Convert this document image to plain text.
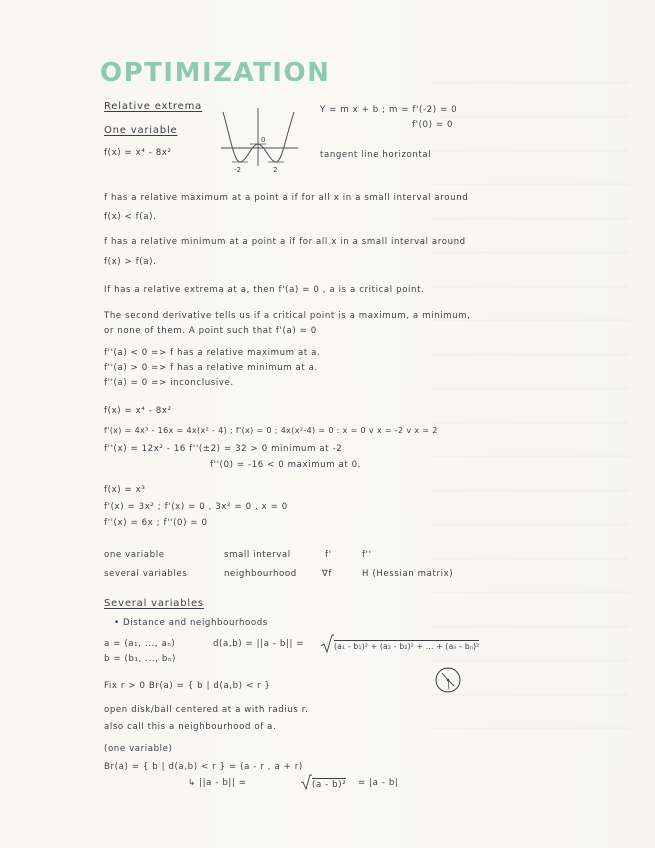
OPTIMIZATION
Relative extrema	Y = m x + b ; m = f'(-2) = 0
f'(0) = 0
One variable
f(x) = x⁴ - 8x²	tangent line horizontal
0
-2	2
f has a relative maximum at a point a if for all x in a small interval around
f(x) < f(a).
f has a relative minimum at a point a if for all x in a small interval around
f(x) > f(a).
If has a relative extrema at a, then f'(a) = 0 , a is a critical point.
The second derivative tells us if a critical point is a maximum, a minimum,
or none of them. A point such that f'(a) = 0
f''(a) < 0 => f has a relative maximum at a.
f''(a) > 0 => f has a relative minimum at a.
f''(a) = 0 => inconclusive.
f(x) = x⁴ - 8x²
f'(x) = 4x³ - 16x = 4x(x² - 4) ; f'(x) = 0 ; 4x(x²-4) = 0 : x = 0 v x = -2 v x = 2
f''(x) = 12x² - 16 f''(±2) = 32 > 0 minimum at -2
f''(0) = -16 < 0 maximum at 0.
f(x) = x³
f'(x) = 3x² ; f'(x) = 0 , 3x² = 0 , x = 0
f''(x) = 6x ; f''(0) = 0
one variable	small interval	f'	f''
several variables	neighbourhood	∇f	H (Hessian matrix)
Several variables
• Distance and neighbourhoods
a = (a₁, ..., aₙ)	d(a,b) = ||a - b|| =	(a₁ - b₁)² + (a₂ - b₂)² + ... + (aₙ - bₙ)²
b = (b₁, ..., bₙ)
Fix r > 0 Br(a) = { b | d(a,b) < r }
open disk/ball centered at a with radius r.
also call this a neighbourhood of a.
(one variable)
Br(a) = { b | d(a,b) < r } = (a - r , a + r)
↳ ||a - b|| =	(a - b)² = |a - b|
